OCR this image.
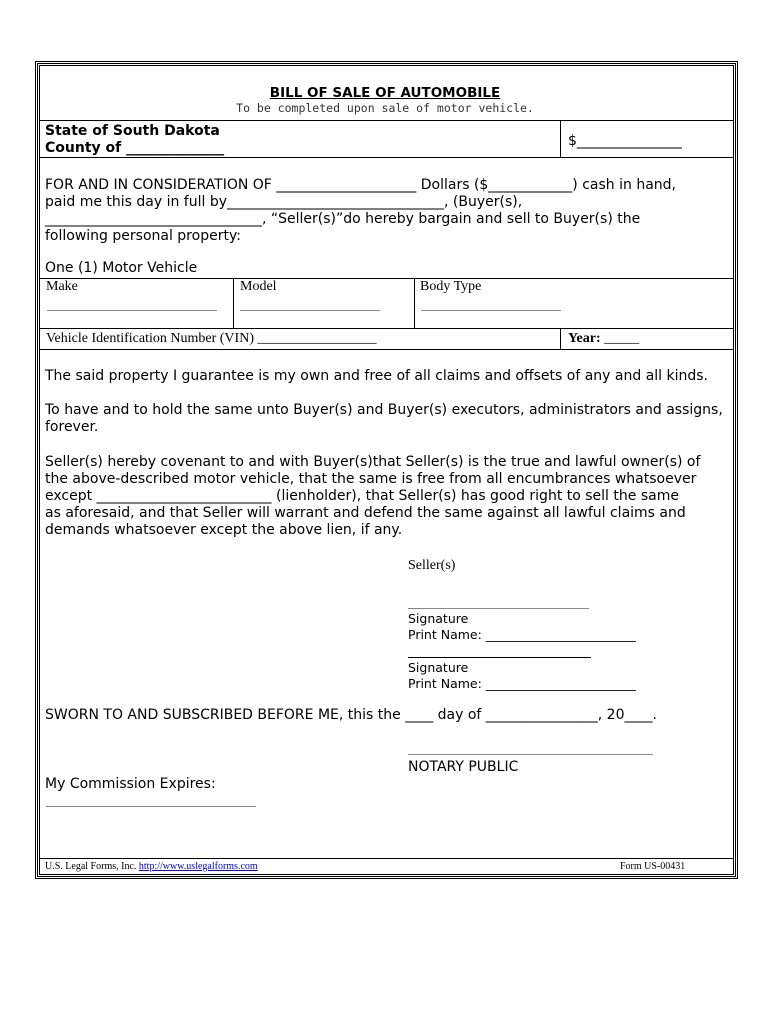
BILL OF SALE OF AUTOMOBILE
To be completed upon sale of motor vehicle.
State of South Dakota
County of ______________	$_______________
FOR AND IN CONSIDERATION OF ____________________ Dollars ($____________) cash in hand,
paid me this day in full by_______________________________, (Buyer(s),
_______________________________, “Seller(s)”do hereby bargain and sell to Buyer(s) the
following personal property:
One (1) Motor Vehicle
Make	Model	Body Type
Vehicle Identification Number (VIN) _________________	Year: _____
The said property I guarantee is my own and free of all claims and offsets of any and all kinds.
To have and to hold the same unto Buyer(s) and Buyer(s) executors, administrators and assigns,
forever.
Seller(s) hereby covenant to and with Buyer(s)that Seller(s) is the true and lawful owner(s) of
the above-described motor vehicle, that the same is free from all encumbrances whatsoever
except _________________________ (lienholder), that Seller(s) has good right to sell the same
as aforesaid, and that Seller will warrant and defend the same against all lawful claims and
demands whatsoever except the above lien, if any.
Seller(s)
Signature
Print Name: ________________________
Signature
Print Name: ________________________
SWORN TO AND SUBSCRIBED BEFORE ME, this the ____ day of ________________, 20____.
NOTARY PUBLIC
My Commission Expires:
U.S. Legal Forms, Inc. http://www.uslegalforms.com	Form US-00431
